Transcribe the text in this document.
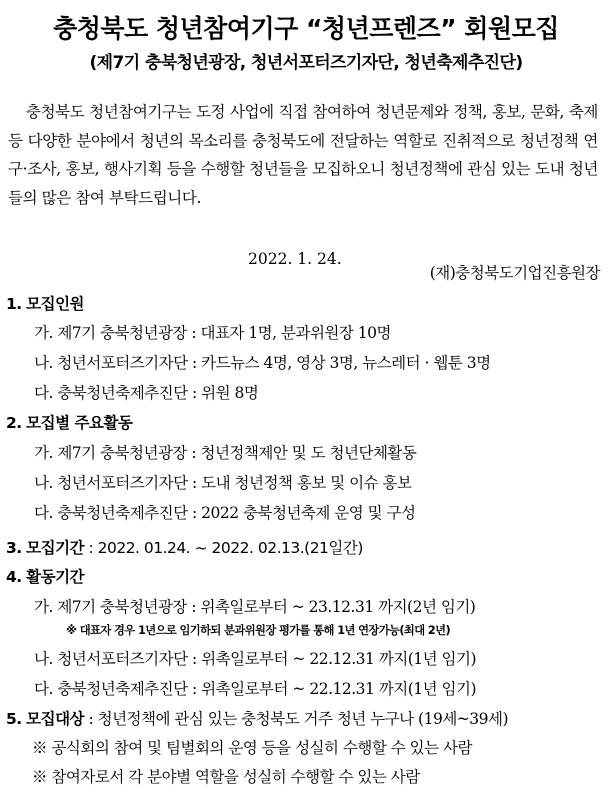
충청북도 청년참여기구 “청년프렌즈” 회원모집
(제7기 충북청년광장, 청년서포터즈기자단, 청년축제추진단)
충청북도 청년참여기구는 도정 사업에 직접 참여하여 청년문제와 정책, 홍보, 문화, 축제 등 다양한 분야에서 청년의 목소리를 충청북도에 전달하는 역할로 진취적으로 청년정책 연구·조사, 홍보, 행사기획 등을 수행할 청년들을 모집하오니 청년정책에 관심 있는 도내 청년들의 많은 참여 부탁드립니다.
2022. 1. 24.
(재)충청북도기업진흥원장
1. 모집인원
가. 제7기 충북청년광장 : 대표자 1명, 분과위원장 10명
나. 청년서포터즈기자단 : 카드뉴스 4명, 영상 3명, 뉴스레터 · 웹툰 3명
다. 충북청년축제추진단 : 위원 8명
2. 모집별 주요활동
가. 제7기 충북청년광장 : 청년정책제안 및 도 청년단체활동
나. 청년서포터즈기자단 : 도내 청년정책 홍보 및 이슈 홍보
다. 충북청년축제추진단 : 2022 충북청년축제 운영 및 구성
3. 모집기간 : 2022. 01.24. ~ 2022. 02.13.(21일간)
4. 활동기간
가. 제7기 충북청년광장 : 위촉일로부터 ~ 23.12.31 까지(2년 임기)
※ 대표자 경우 1년으로 임기하되 분과위원장 평가를 통해 1년 연장가능(최대 2년)
나. 청년서포터즈기자단 : 위촉일로부터 ~ 22.12.31 까지(1년 임기)
다. 충북청년축제추진단 : 위촉일로부터 ~ 22.12.31 까지(1년 임기)
5. 모집대상 : 청년정책에 관심 있는 충청북도 거주 청년 누구나 (19세~39세)
※ 공식회의 참여 및 팀별회의 운영 등을 성실히 수행할 수 있는 사람
※ 참여자로서 각 분야별 역할을 성실히 수행할 수 있는 사람
